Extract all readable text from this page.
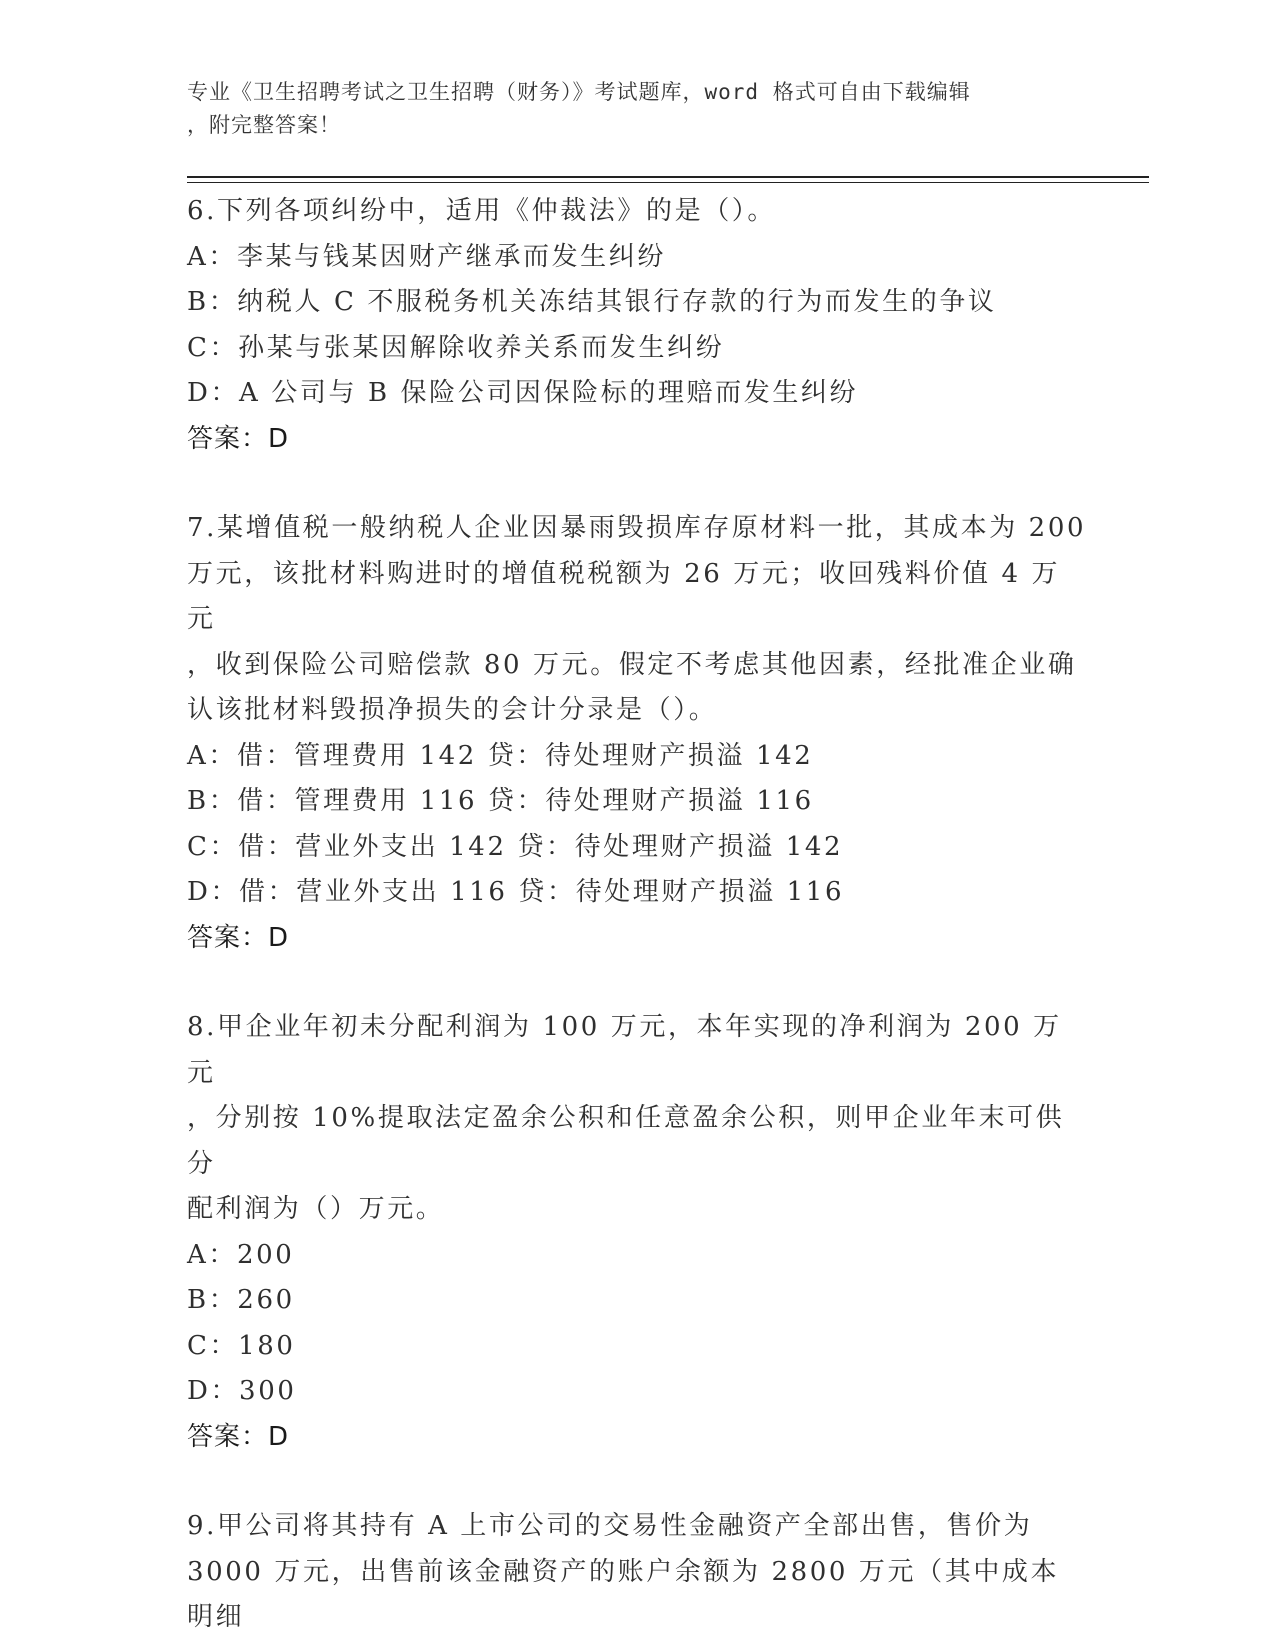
专业《卫生招聘考试之卫生招聘（财务）》考试题库，word 格式可自由下载编辑
，附完整答案！
6.下列各项纠纷中，适用《仲裁法》的是（）。
A：李某与钱某因财产继承而发生纠纷
B：纳税人 C 不服税务机关冻结其银行存款的行为而发生的争议
C：孙某与张某因解除收养关系而发生纠纷
D：A 公司与 B 保险公司因保险标的理赔而发生纠纷
答案：D
7.某增值税一般纳税人企业因暴雨毁损库存原材料一批，其成本为 200
万元，该批材料购进时的增值税税额为 26 万元；收回残料价值 4 万元
，收到保险公司赔偿款 80 万元。假定不考虑其他因素，经批准企业确
认该批材料毁损净损失的会计分录是（）。
A：借：管理费用 142 贷：待处理财产损溢 142
B：借：管理费用 116 贷：待处理财产损溢 116
C：借：营业外支出 142 贷：待处理财产损溢 142
D：借：营业外支出 116 贷：待处理财产损溢 116
答案：D
8.甲企业年初未分配利润为 100 万元，本年实现的净利润为 200 万元
，分别按 10%提取法定盈余公积和任意盈余公积，则甲企业年末可供分
配利润为（）万元。
A：200
B：260
C：180
D：300
答案：D
9.甲公司将其持有 A 上市公司的交易性金融资产全部出售，售价为
3000 万元，出售前该金融资产的账户余额为 2800 万元（其中成本明细
